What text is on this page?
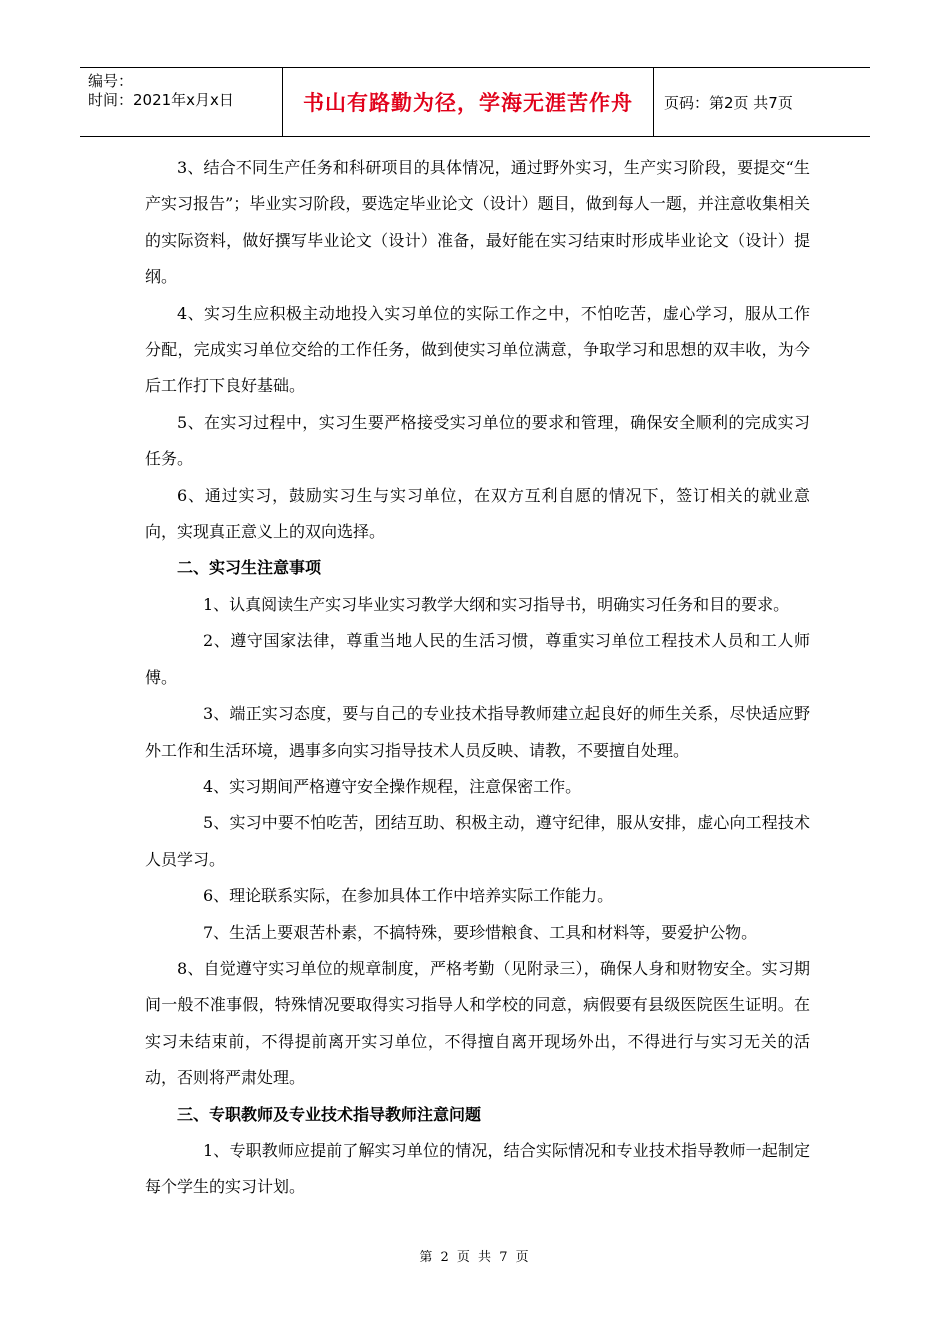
编号：
时间：2021年x月x日	书山有路勤为径，学海无涯苦作舟 页码：第2页 共7页

3、结合不同生产任务和科研项目的具体情况，通过野外实习，生产实习阶段，要提交“生产实习报告”；毕业实习阶段，要选定毕业论文（设计）题目，做到每人一题，并注意收集相关的实际资料，做好撰写毕业论文（设计）准备，最好能在实习结束时形成毕业论文（设计）提纲。

4、实习生应积极主动地投入实习单位的实际工作之中，不怕吃苦，虚心学习，服从工作分配，完成实习单位交给的工作任务，做到使实习单位满意，争取学习和思想的双丰收，为今后工作打下良好基础。

5、在实习过程中，实习生要严格接受实习单位的要求和管理，确保安全顺利的完成实习任务。

6、通过实习，鼓励实习生与实习单位，在双方互利自愿的情况下，签订相关的就业意向，实现真正意义上的双向选择。

二、实习生注意事项

1、认真阅读生产实习毕业实习教学大纲和实习指导书，明确实习任务和目的要求。

2、遵守国家法律，尊重当地人民的生活习惯，尊重实习单位工程技术人员和工人师傅。

3、端正实习态度，要与自己的专业技术指导教师建立起良好的师生关系，尽快适应野外工作和生活环境，遇事多向实习指导技术人员反映、请教，不要擅自处理。

4、实习期间严格遵守安全操作规程，注意保密工作。

5、实习中要不怕吃苦，团结互助、积极主动，遵守纪律，服从安排，虚心向工程技术人员学习。

6、理论联系实际，在参加具体工作中培养实际工作能力。

7、生活上要艰苦朴素，不搞特殊，要珍惜粮食、工具和材料等，要爱护公物。

8、自觉遵守实习单位的规章制度，严格考勤（见附录三），确保人身和财物安全。实习期间一般不准事假，特殊情况要取得实习指导人和学校的同意，病假要有县级医院医生证明。在实习未结束前，不得提前离开实习单位，不得擅自离开现场外出，不得进行与实习无关的活动，否则将严肃处理。

三、专职教师及专业技术指导教师注意问题

1、专职教师应提前了解实习单位的情况，结合实际情况和专业技术指导教师一起制定每个学生的实习计划。

第 2 页 共 7 页
